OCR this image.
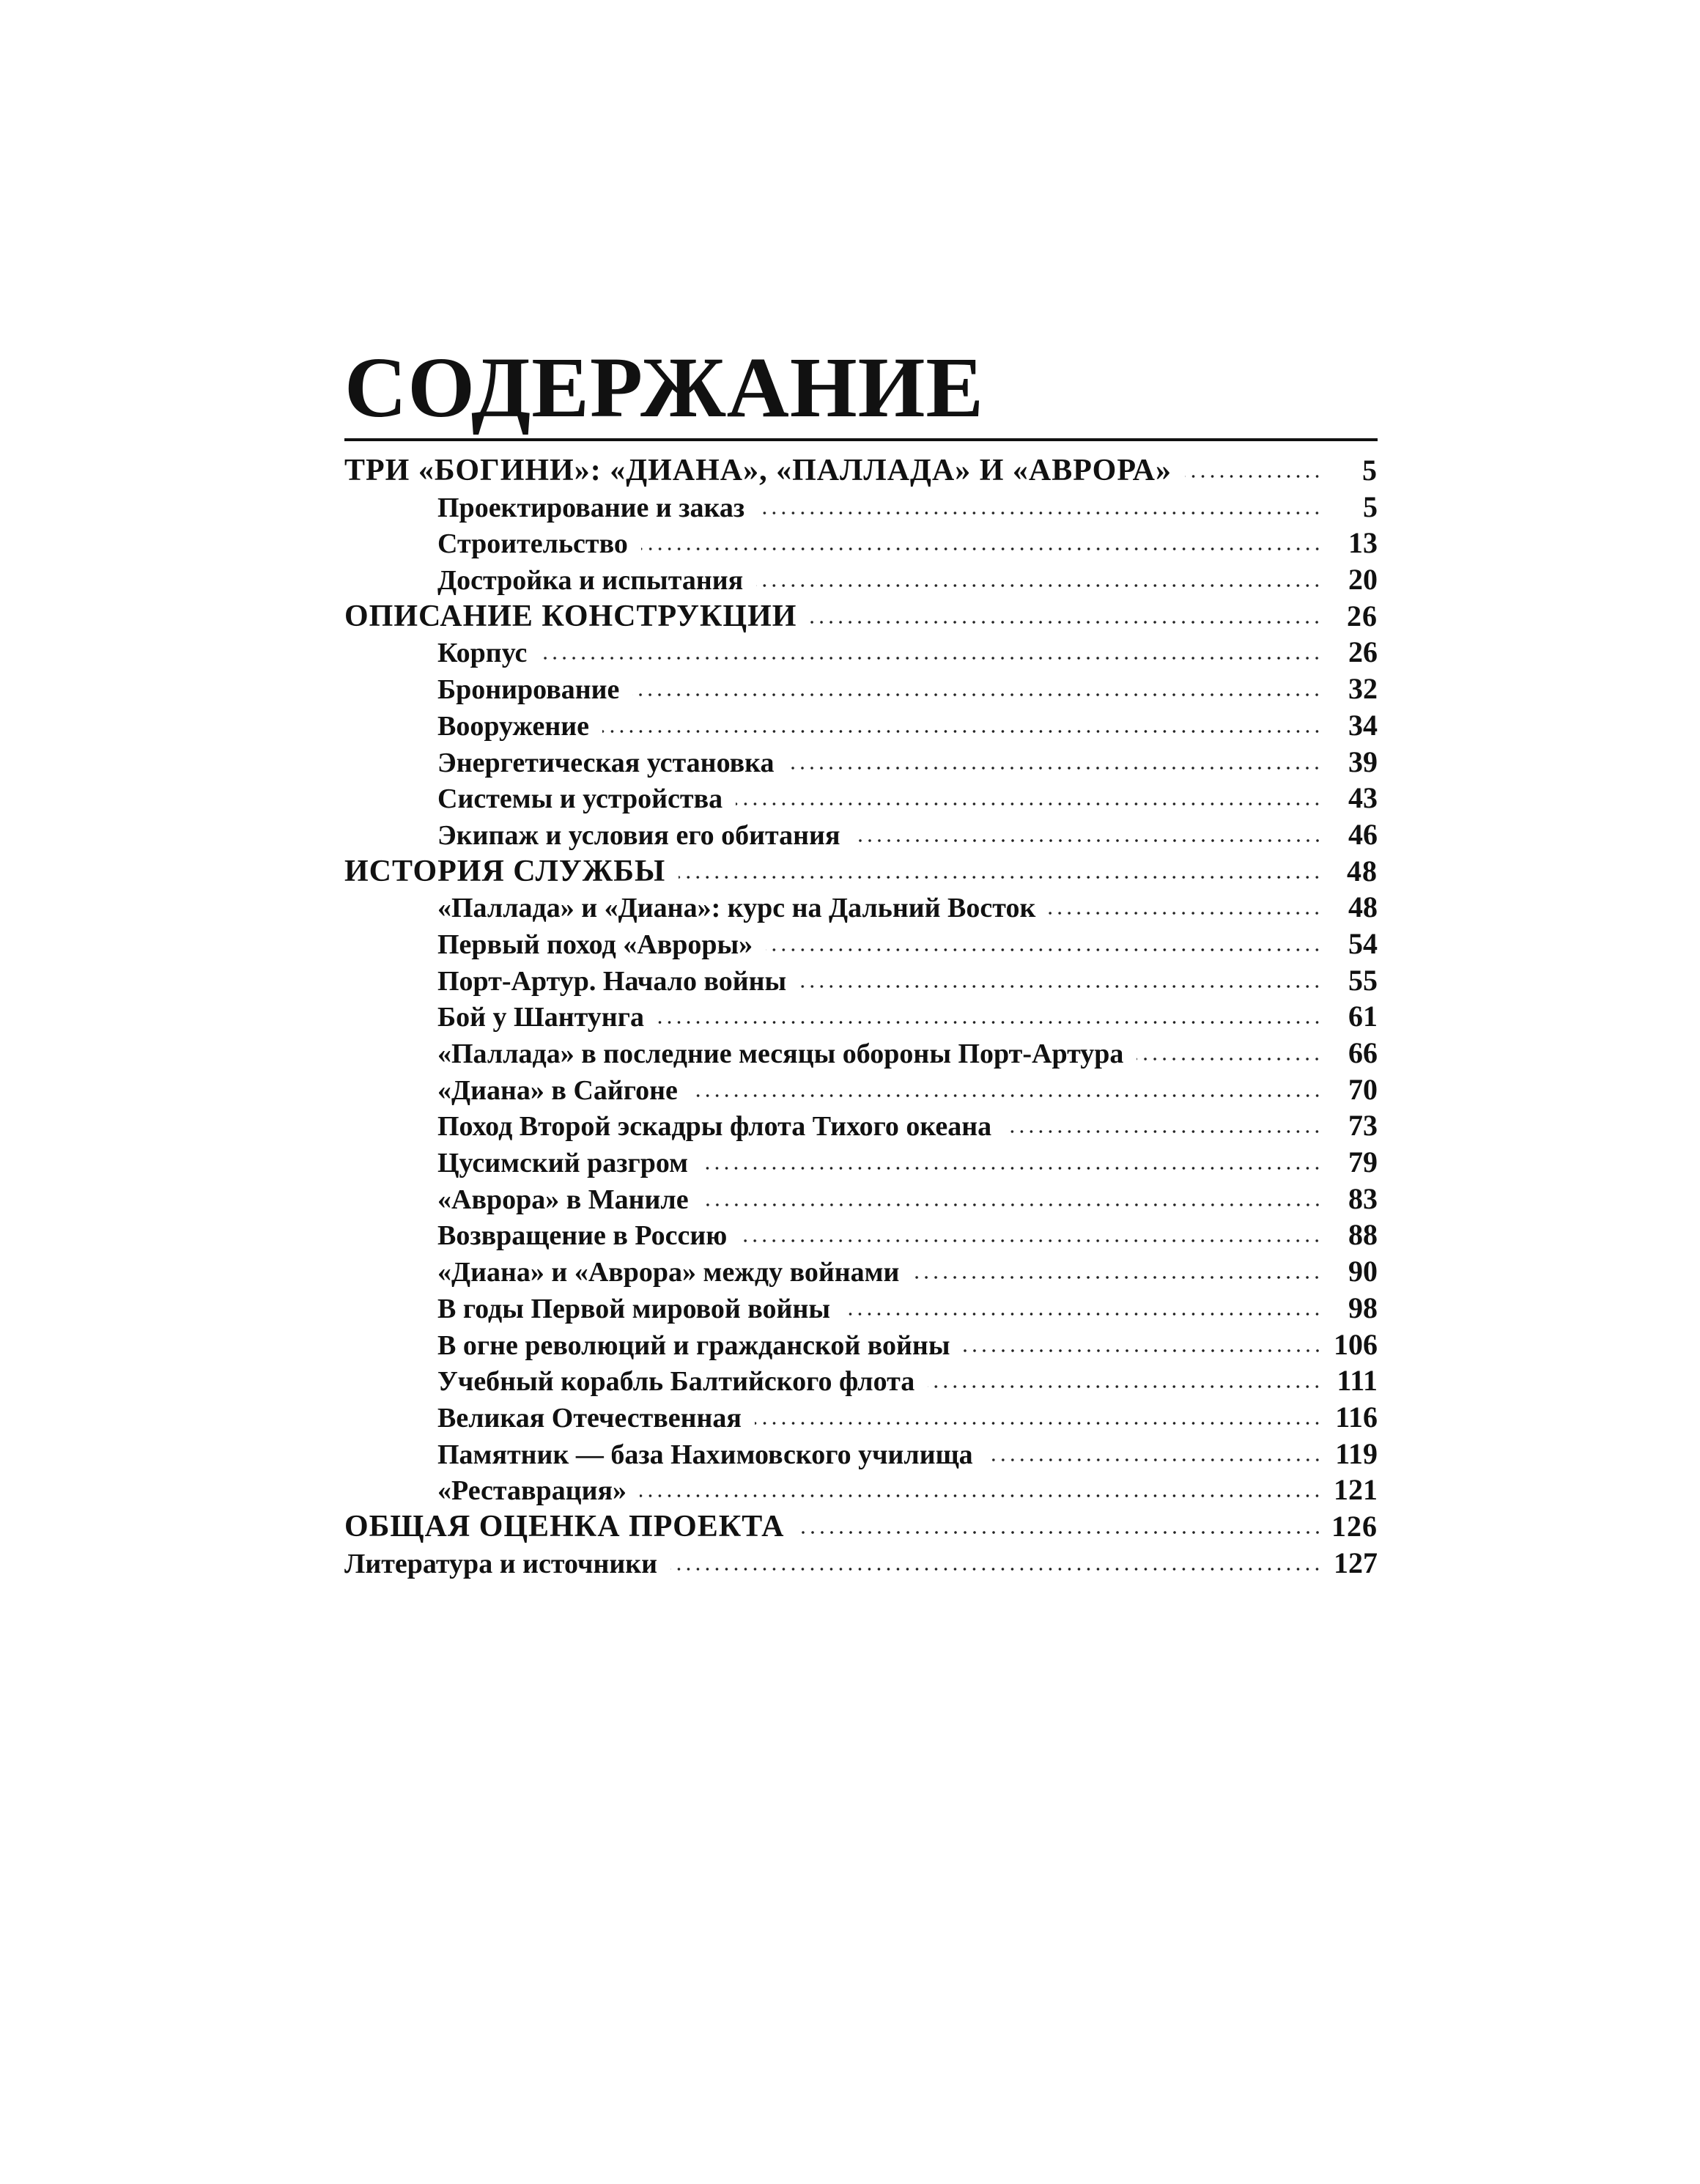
СОДЕРЖАНИЕ
ТРИ «БОГИНИ»: «ДИАНА», «ПАЛЛАДА» И «АВРОРА»	5
Проектирование и заказ	5
Строительство	13
Достройка и испытания	20
ОПИСАНИЕ КОНСТРУКЦИИ	26
Корпус	26
Бронирование	32
Вооружение	34
Энергетическая установка	39
Системы и устройства	43
Экипаж и условия его обитания	46
ИСТОРИЯ СЛУЖБЫ	48
«Паллада» и «Диана»: курс на Дальний Восток	48
Первый поход «Авроры»	54
Порт-Артур. Начало войны	55
Бой у Шантунга	61
«Паллада» в последние месяцы обороны Порт-Артура	66
«Диана» в Сайгоне	70
Поход Второй эскадры флота Тихого океана	73
Цусимский разгром	79
«Аврора» в Маниле	83
Возвращение в Россию	88
«Диана» и «Аврора» между войнами	90
В годы Первой мировой войны	98
В огне революций и гражданской войны	106
Учебный корабль Балтийского флота	111
Великая Отечественная	116
Памятник — база Нахимовского училища	119
«Реставрация»	121
ОБЩАЯ ОЦЕНКА ПРОЕКТА	126
Литература и источники	127
